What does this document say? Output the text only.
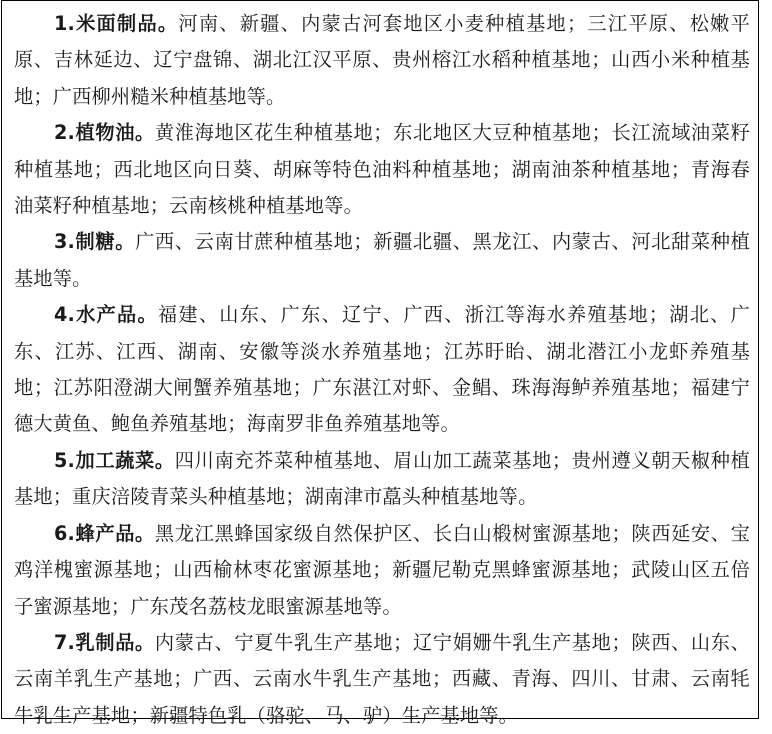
1.米面制品。河南、新疆、内蒙古河套地区小麦种植基地；三江平原、松嫩平原、吉林延边、辽宁盘锦、湖北江汉平原、贵州榕江水稻种植基地；山西小米种植基地；广西柳州糙米种植基地等。

2.植物油。黄淮海地区花生种植基地；东北地区大豆种植基地；长江流域油菜籽种植基地；西北地区向日葵、胡麻等特色油料种植基地；湖南油茶种植基地；青海春油菜籽种植基地；云南核桃种植基地等。

3.制糖。广西、云南甘蔗种植基地；新疆北疆、黑龙江、内蒙古、河北甜菜种植基地等。

4.水产品。福建、山东、广东、辽宁、广西、浙江等海水养殖基地；湖北、广东、江苏、江西、湖南、安徽等淡水养殖基地；江苏盱眙、湖北潜江小龙虾养殖基地；江苏阳澄湖大闸蟹养殖基地；广东湛江对虾、金鲳、珠海海鲈养殖基地；福建宁德大黄鱼、鲍鱼养殖基地；海南罗非鱼养殖基地等。

5.加工蔬菜。四川南充芥菜种植基地、眉山加工蔬菜基地；贵州遵义朝天椒种植基地；重庆涪陵青菜头种植基地；湖南津市藠头种植基地等。

6.蜂产品。黑龙江黑蜂国家级自然保护区、长白山椴树蜜源基地；陕西延安、宝鸡洋槐蜜源基地；山西榆林枣花蜜源基地；新疆尼勒克黑蜂蜜源基地；武陵山区五倍子蜜源基地；广东茂名荔枝龙眼蜜源基地等。

7.乳制品。内蒙古、宁夏牛乳生产基地；辽宁娟姗牛乳生产基地；陕西、山东、云南羊乳生产基地；广西、云南水牛乳生产基地；西藏、青海、四川、甘肃、云南牦牛乳生产基地；新疆特色乳（骆驼、马、驴）生产基地等。
